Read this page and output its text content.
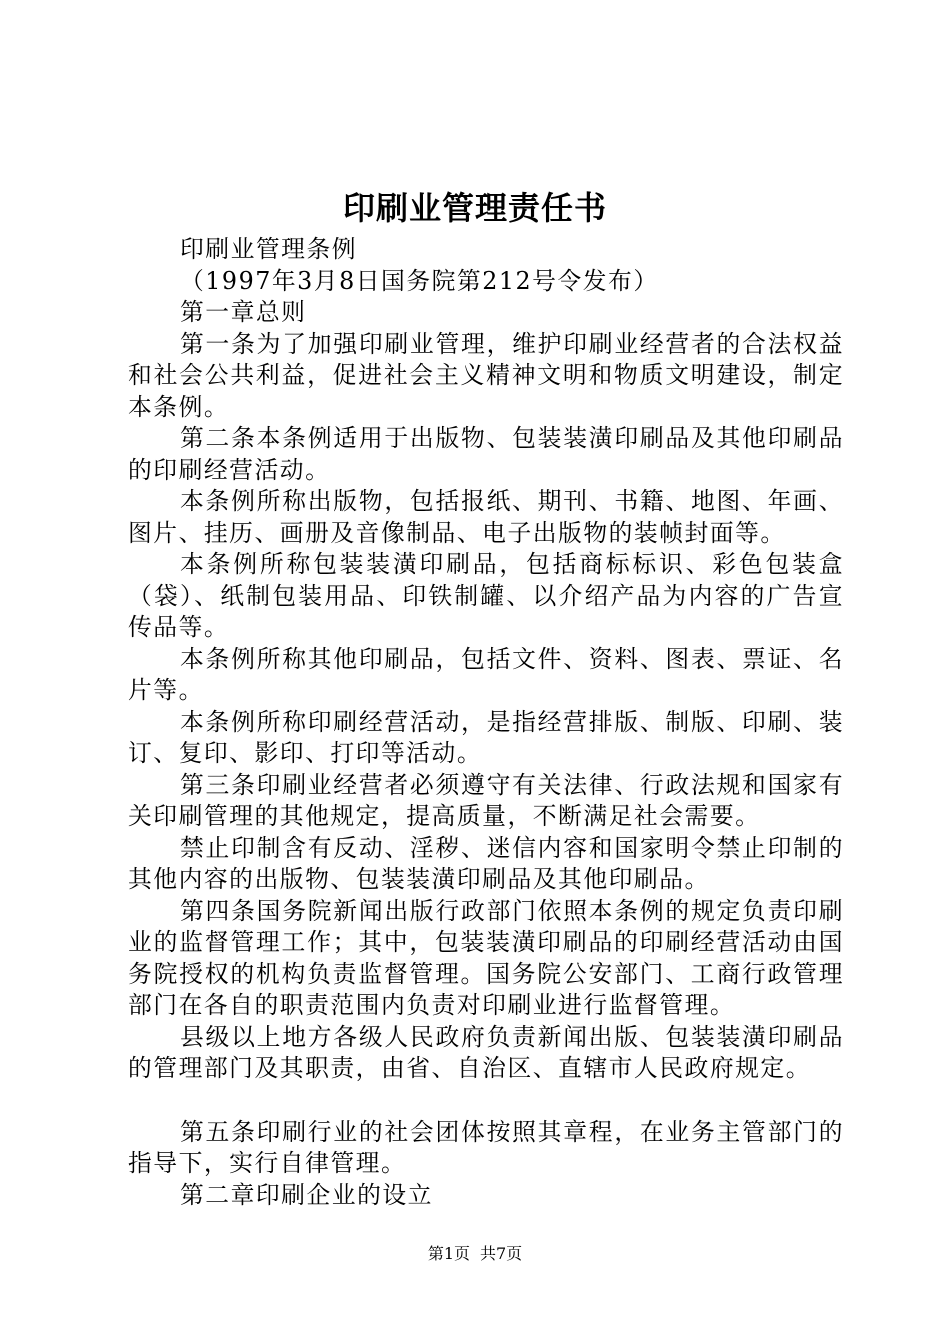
印刷业管理责任书

印刷业管理条例

（1997年3月8日国务院第212号令发布）

第一章总则

第一条为了加强印刷业管理，维护印刷业经营者的合法权益和社会公共利益，促进社会主义精神文明和物质文明建设，制定本条例。

第二条本条例适用于出版物、包装装潢印刷品及其他印刷品的印刷经营活动。

本条例所称出版物，包括报纸、期刊、书籍、地图、年画、图片、挂历、画册及音像制品、电子出版物的装帧封面等。

本条例所称包装装潢印刷品，包括商标标识、彩色包装盒（袋）、纸制包装用品、印铁制罐、以介绍产品为内容的广告宣传品等。

本条例所称其他印刷品，包括文件、资料、图表、票证、名片等。

本条例所称印刷经营活动，是指经营排版、制版、印刷、装订、复印、影印、打印等活动。

第三条印刷业经营者必须遵守有关法律、行政法规和国家有关印刷管理的其他规定，提高质量，不断满足社会需要。

禁止印制含有反动、淫秽、迷信内容和国家明令禁止印制的其他内容的出版物、包装装潢印刷品及其他印刷品。

第四条国务院新闻出版行政部门依照本条例的规定负责印刷业的监督管理工作；其中，包装装潢印刷品的印刷经营活动由国务院授权的机构负责监督管理。国务院公安部门、工商行政管理部门在各自的职责范围内负责对印刷业进行监督管理。

县级以上地方各级人民政府负责新闻出版、包装装潢印刷品的管理部门及其职责，由省、自治区、直辖市人民政府规定。

第五条印刷行业的社会团体按照其章程，在业务主管部门的指导下，实行自律管理。

第二章印刷企业的设立

第1页 共7页
